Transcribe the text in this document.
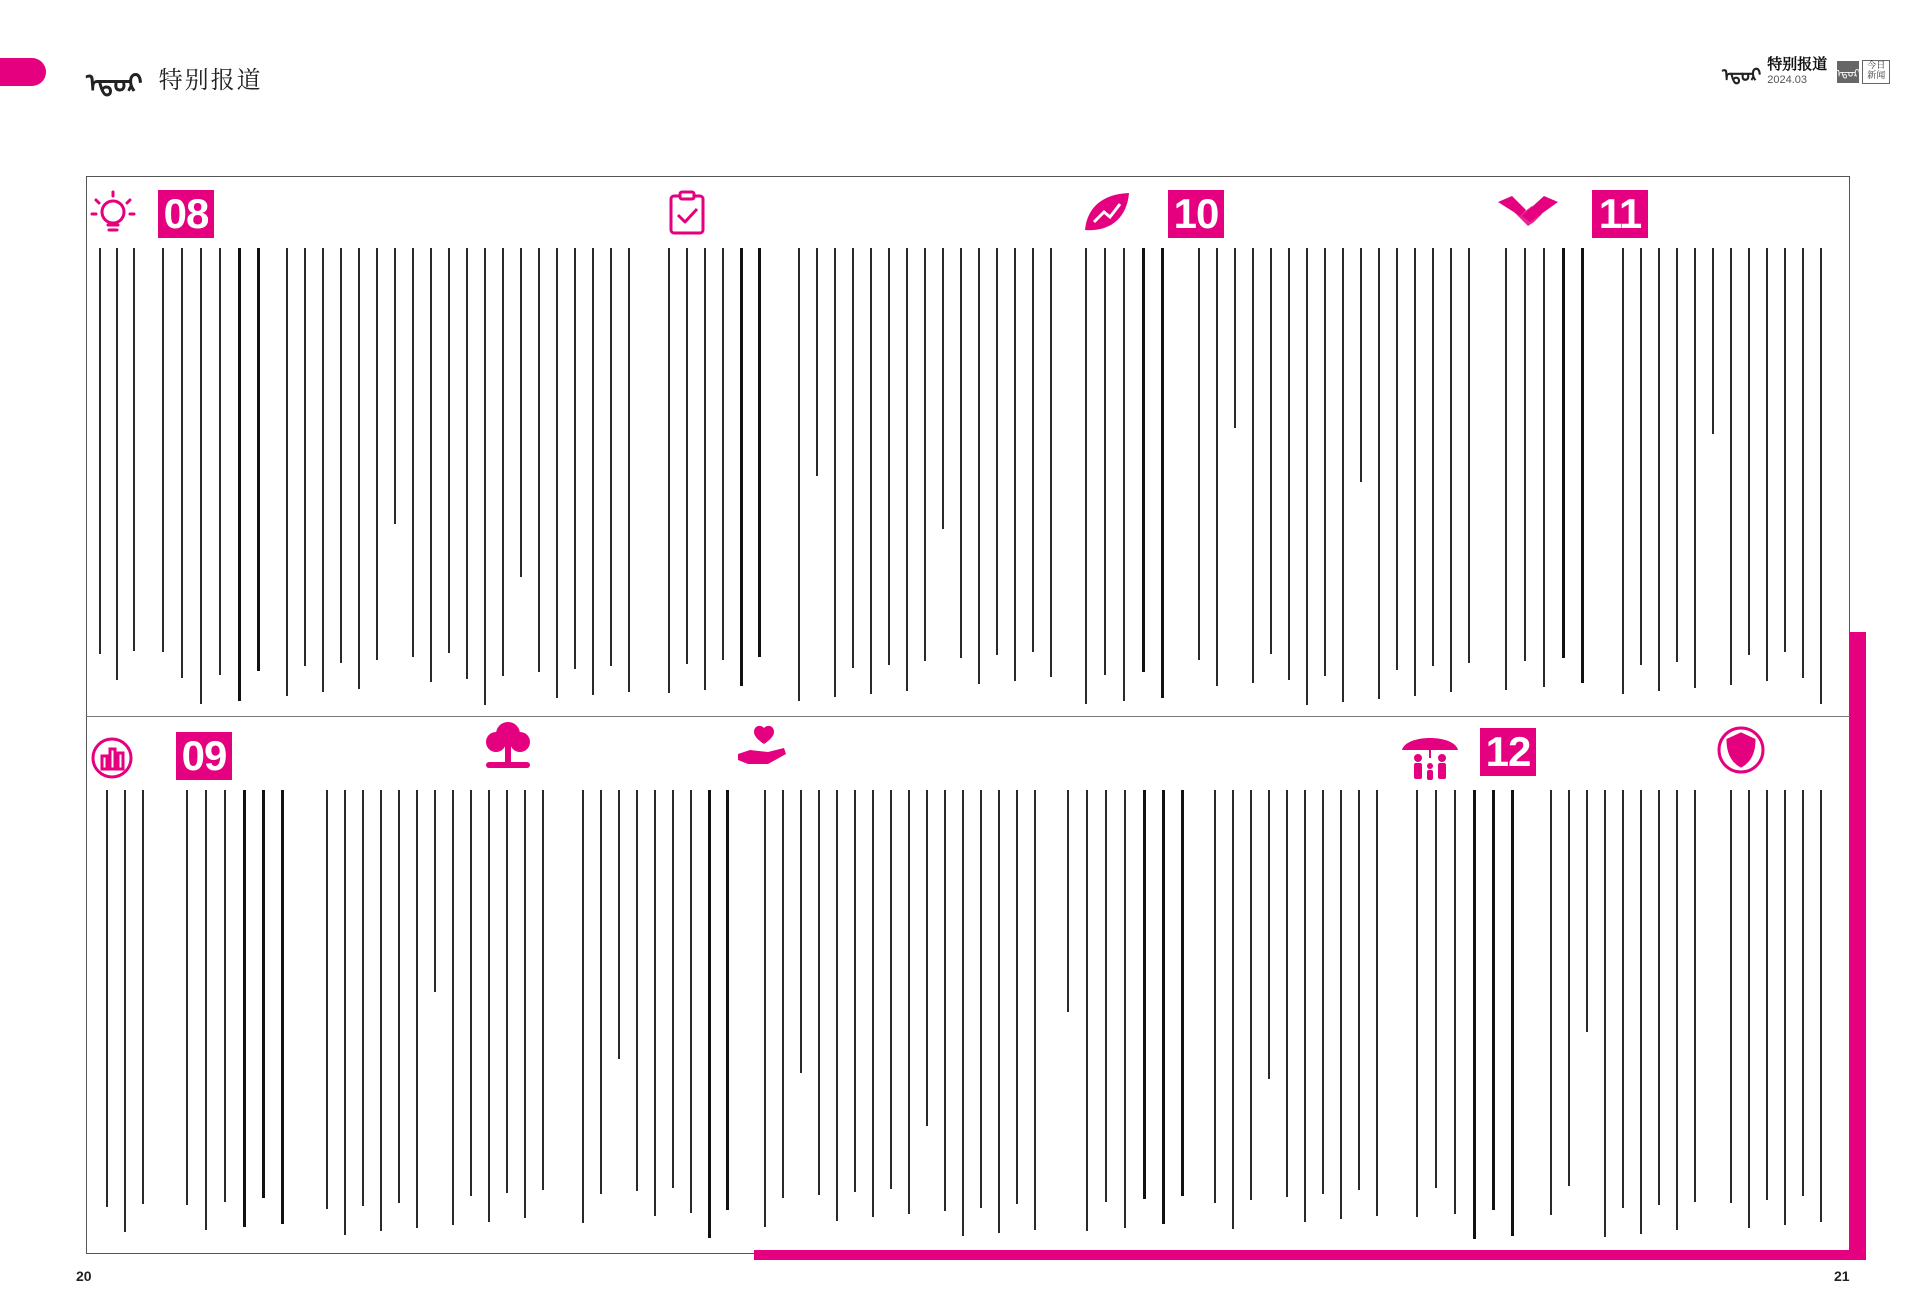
ᠡᠳᠦᠷ 特别报道	ᠡᠳᠦᠷ
特别报道
2024.03	ᠡᠳᠦᠷ
今日
新闻
08
09
10	11
12
20	21
